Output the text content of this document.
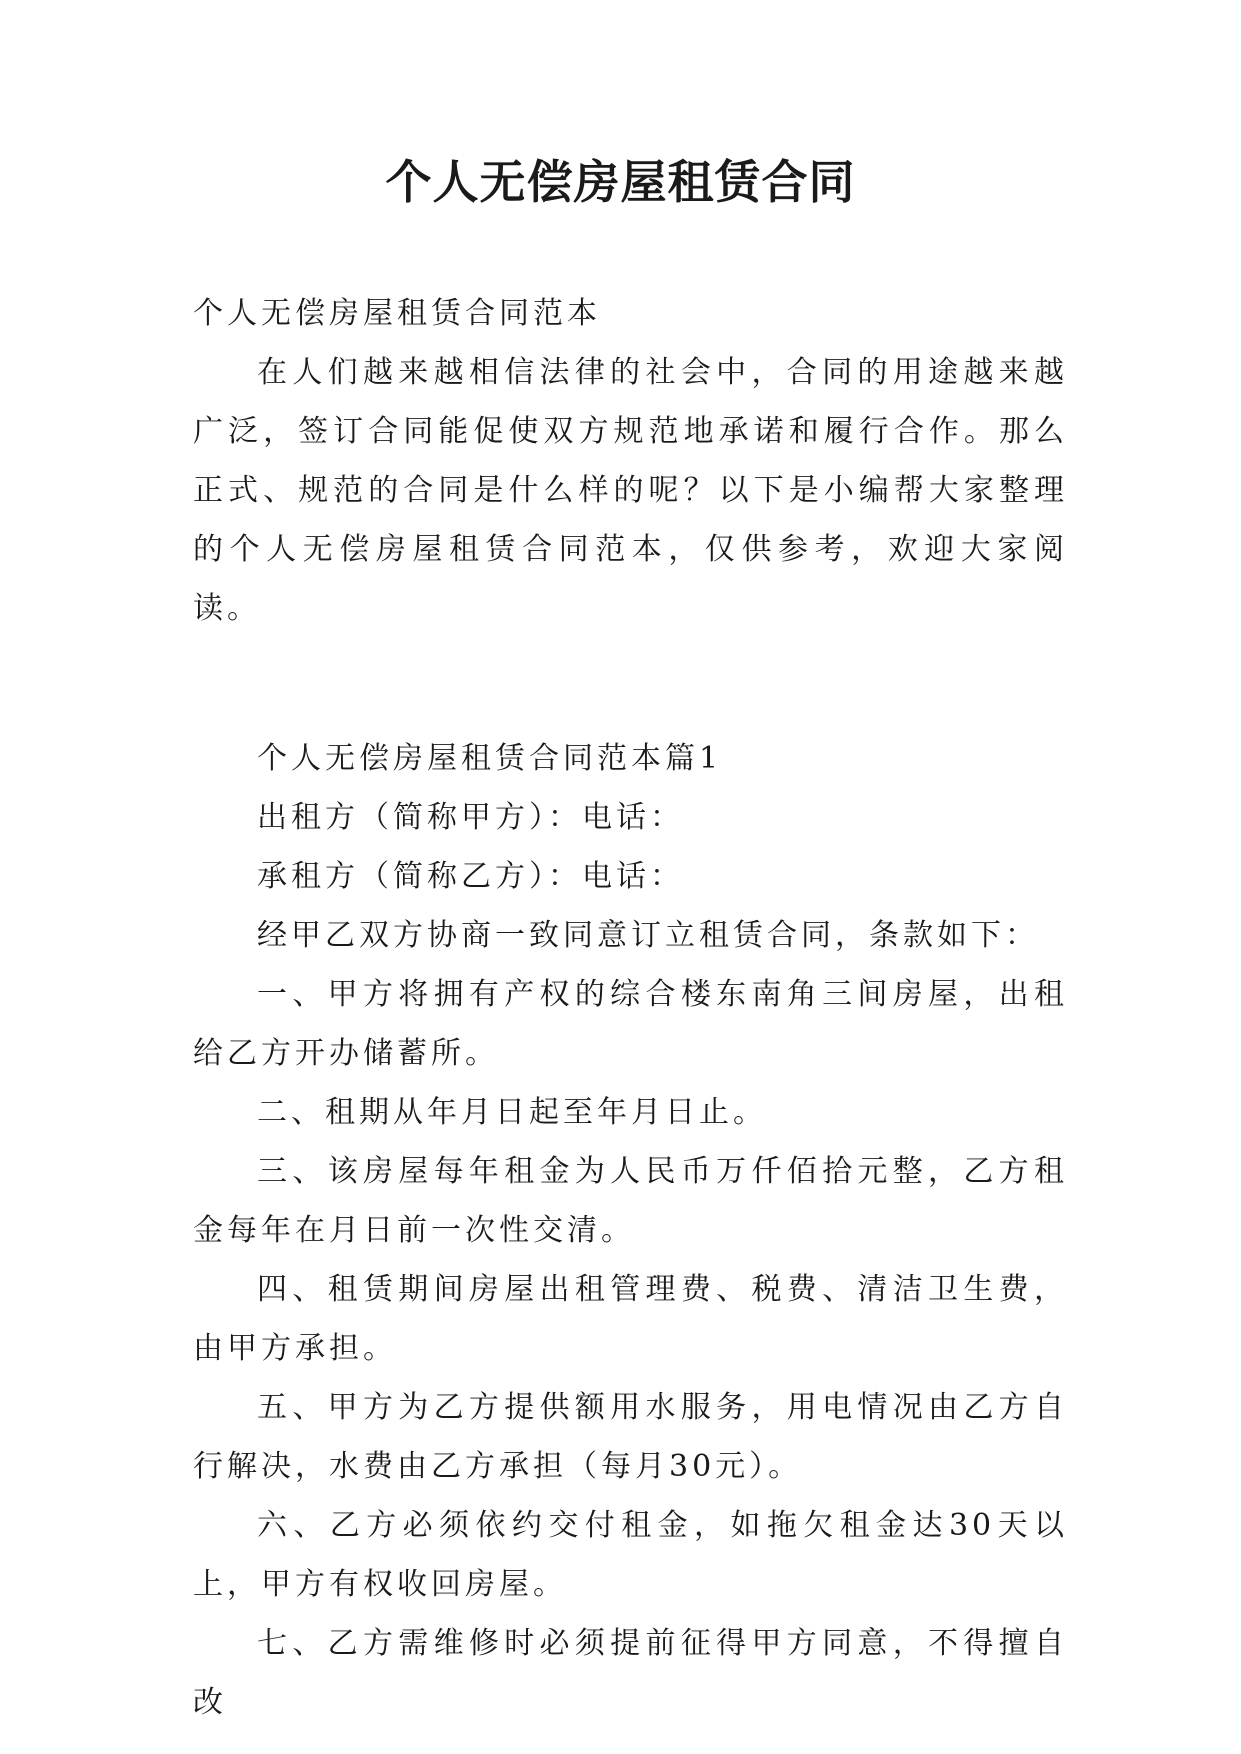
个人无偿房屋租赁合同

个人无偿房屋租赁合同范本

在人们越来越相信法律的社会中，合同的用途越来越广泛，签订合同能促使双方规范地承诺和履行合作。那么正式、规范的合同是什么样的呢？以下是小编帮大家整理的个人无偿房屋租赁合同范本，仅供参考，欢迎大家阅读。

个人无偿房屋租赁合同范本篇1

出租方（简称甲方）：电话：

承租方（简称乙方）：电话：

经甲乙双方协商一致同意订立租赁合同，条款如下：

一、甲方将拥有产权的综合楼东南角三间房屋，出租给乙方开办储蓄所。

二、租期从年月日起至年月日止。

三、该房屋每年租金为人民币万仟佰拾元整，乙方租金每年在月日前一次性交清。

四、租赁期间房屋出租管理费、税费、清洁卫生费，由甲方承担。

五、甲方为乙方提供额用水服务，用电情况由乙方自行解决，水费由乙方承担（每月30元）。

六、乙方必须依约交付租金，如拖欠租金达30天以上，甲方有权收回房屋。

七、乙方需维修时必须提前征得甲方同意，不得擅自改
